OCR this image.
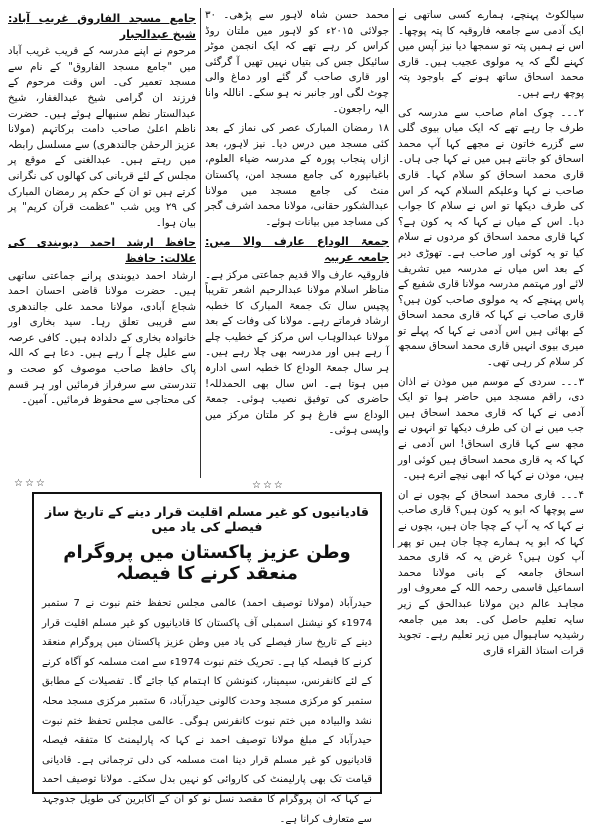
سیالکوٹ پہنچے، ہمارے کسی ساتھی نے ایک آدمی سے جامعہ فاروقیہ کا پتہ پوچھا۔ اس نے ہمیں پتہ تو سمجھا دیا نیز آپس میں کہنے لگے کہ یہ مولوی عجیب ہیں۔ قاری محمد اسحاق ساتھ ہونے کے باوجود پتہ پوچھ رہے ہیں۔

۲۔۔۔ چوک امام صاحب سے مدرسہ کی طرف جا رہے تھے کہ ایک میاں بیوی گلی سے گزرے خاتون نے مجھے کہا آپ محمد اسحاق کو جانتے ہیں میں نے کہا جی ہاں۔ قاری محمد اسحاق کو سلام کہا۔ قاری صاحب نے کہا وعلیکم السلام کہہ کر اس کی طرف دیکھا تو اس نے سلام کا جواب دیا۔ اس کے میاں نے کہا کہ یہ کون ہے؟ کہا قاری محمد اسحاق کو مردوں نے سلام کیا تو یہ کوئی اور صاحب ہے۔ تھوڑی دیر کے بعد اس میاں نے مدرسہ میں تشریف لائے اور مہتمم مدرسہ مولانا قاری شفیع کے پاس پہنچے کہ یہ مولوی صاحب کون ہیں؟ قاری صاحب نے کہا کہ قاری محمد اسحاق کے بھائی ہیں اس آدمی نے کہا کہ پہلے تو میری بیوی انہیں قاری محمد اسحاق سمجھ کر سلام کر رہی تھی۔

۳۔۔۔ سردی کے موسم میں موذن نے اذان دی، راقم مسجد میں حاضر ہوا تو ایک آدمی نے کہا کہ قاری محمد اسحاق ہیں جب میں نے ان کی طرف دیکھا تو انہوں نے مجھ سے کہا قاری اسحاق! اس آدمی نے کہا کہ یہ قاری محمد اسحاق ہیں کوئی اور ہیں، موذن نے کہا کہ ابھی نیچے اترے ہیں۔

۴۔۔۔ قاری محمد اسحاق کے بچوں نے ان سے پوچھا کہ ابو یہ کون ہیں؟ قاری صاحب نے کہا کہ یہ آپ کے چچا جان ہیں، بچوں نے کہا کہ ابو یہ ہمارے چچا جان ہیں تو پھر آپ کون ہیں؟ غرض یہ کہ قاری محمد اسحاق جامعہ کے بانی مولانا محمد اسماعیل قاسمی رحمہ اللہ کے معروف اور مجاہد عالم دین مولانا عبدالحق کے زیر سایہ تعلیم حاصل کی۔ بعد میں جامعہ رشیدیہ ساہیوال میں زیر تعلیم رہے۔ تجوید قرات استاذ القراء قاری

محمد حسن شاہ لاہور سے پڑھی۔ ۳۰ جولائی ۲۰۱۵ء کو لاہور میں ملتان روڈ کراس کر رہے تھے کہ ایک انجمن موٹر سائیکل جس کی بتیاں نہیں تھیں آ گرگئی اور قاری صاحب گر گئے اور دماغ والی چوٹ لگی اور جانبر نہ ہو سکے۔ اناللہ وانا الیہ راجعون۔

۱۸ رمضان المبارک عصر کی نماز کے بعد کئی مسجد میں درس دیا۔ نیز لاہور، بعد ازاں پنجاب پورہ کے مدرسہ ضیاء العلوم، باغبانپورہ کی جامع مسجد امن، پاکستان منٹ کی جامع مسجد میں مولانا عبدالشکور حقانی، مولانا محمد اشرف گجر کی مساجد میں بیانات ہوئے۔

جمعۃ الوداع عارف والا میں: جامعہ عربیہ

فاروقیہ عارف والا قدیم جماعتی مرکز ہے۔ مناظر اسلام مولانا عبدالرحیم اشعر تقریباً پچیس سال تک جمعۃ المبارک کا خطبہ ارشاد فرماتے رہے۔ مولانا کی وفات کے بعد مولانا عبدالوہاب اس مرکز کے خطیب چلے آ رہے ہیں اور مدرسہ بھی چلا رہے ہیں۔ ہر سال جمعۃ الوداع کا خطبہ اسی ادارہ میں ہوتا ہے۔ اس سال بھی الحمدللہ! حاضری کی توفیق نصیب ہوئی۔ جمعۃ الوداع سے فارغ ہو کر ملتان مرکز میں واپسی ہوئی۔

جامع مسجد الفاروق غریب آباد: شیخ عبدالجبار

مرحوم نے اپنے مدرسہ کے قریب غریب آباد میں "جامع مسجد الفاروق" کے نام سے مسجد تعمیر کی۔ اس وقت مرحوم کے فرزند ان گرامی شیخ عبدالغفار، شیخ عبدالستار نظم سنبھالے ہوئے ہیں۔ حضرت ناظم اعلیٰ صاحب دامت برکاتہم (مولانا عزیز الرحمٰن جالندھری) سے مسلسل رابطہ میں رہتے ہیں۔ عبدالغنی کے موقع پر مجلس کے لئے قربانی کی کھالوں کی نگرانی کرتے ہیں تو ان کے حکم پر رمضان المبارک کی ۲۹ ویں شب "عظمت قرآن کریم" پر بیان ہوا۔

حافظ ارشد احمد دیوبندی کی علالت: حافظ

ارشاد احمد دیوبندی پرانے جماعتی ساتھی ہیں۔ حضرت مولانا قاضی احسان احمد شجاع آبادی، مولانا محمد علی جالندھری سے قریبی تعلق رہا۔ سید بخاری اور خانوادہ بخاری کے دلدادہ ہیں۔ کافی عرصہ سے علیل چلے آ رہے ہیں۔ دعا ہے کہ اللہ پاک حافظ صاحب موصوف کو صحت و تندرستی سے سرفراز فرمائیں اور ہر قسم کی محتاجی سے محفوظ فرمائیں۔ آمین۔

☆☆☆	☆☆☆
قادیانیوں کو غیر مسلم اقلیت قرار دینے کے تاریخ ساز فیصلے کی یاد میں
وطن عزیز پاکستان میں پروگرام منعقد کرنے کا فیصلہ
حیدرآباد (مولانا توصیف احمد) عالمی مجلس تحفظ ختم نبوت نے 7 ستمبر 1974ء کو نیشنل اسمبلی آف پاکستان کا قادیانیوں کو غیر مسلم اقلیت قرار دینے کے تاریخ ساز فیصلے کی یاد میں وطن عزیز پاکستان میں پروگرام منعقد کرنے کا فیصلہ کیا ہے۔ تحریک ختم نبوت 1974ء سے امت مسلمہ کو آگاہ کرنے کے لئے کانفرنس، سیمینار، کنونشن کا اہتمام کیا جائے گا۔ تفصیلات کے مطابق ستمبر کو مرکزی مسجد وحدت کالونی حیدرآباد، 6 ستمبر مرکزی مسجد محلہ نشد والبیادہ میں ختم نبوت کانفرنس ہوگی۔ عالمی مجلس تحفظ ختم نبوت حیدرآباد کے مبلغ مولانا توصیف احمد نے کہا کہ پارلیمنٹ کا متفقہ فیصلہ قادیانیوں کو غیر مسلم قرار دینا امت مسلمہ کی دلی ترجمانی ہے۔ قادیانی قیامت تک بھی پارلیمنٹ کی کاروائی کو نہیں بدل سکتے۔ مولانا توصیف احمد نے کہا کہ ان پروگرام کا مقصد نسل نو کو ان کے اکابرین کی طویل جدوجہد سے متعارف کرانا ہے۔
